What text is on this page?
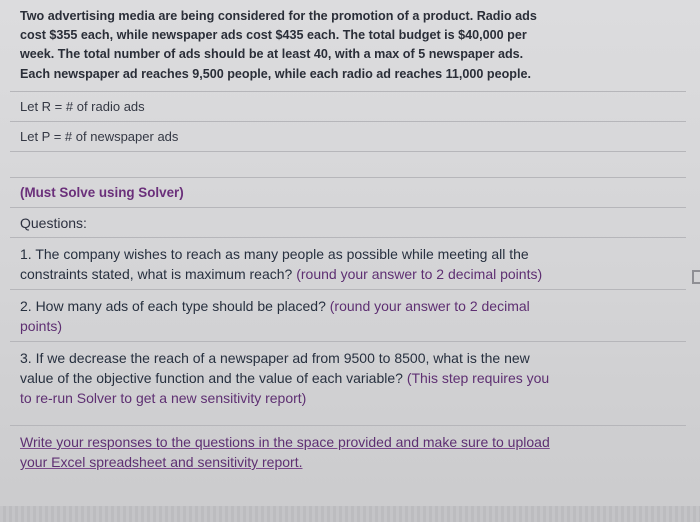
Two advertising media are being considered for the promotion of a product. Radio ads
cost $355 each, while newspaper ads cost $435 each. The total budget is $40,000 per
week. The total number of ads should be at least 40, with a max of 5 newspaper ads.
Each newspaper ad reaches 9,500 people, while each radio ad reaches 11,000 people.

Let R = # of radio ads

Let P = # of newspaper ads

(Must Solve using Solver)

Questions:

1. The company wishes to reach as many people as possible while meeting all the
constraints stated, what is maximum reach? (round your answer to 2 decimal points)

2. How many ads of each type should be placed? (round your answer to 2 decimal
points)

3. If we decrease the reach of a newspaper ad from 9500 to 8500, what is the new
value of the objective function and the value of each variable? (This step requires you
to re-run Solver to get a new sensitivity report)

Write your responses to the questions in the space provided and make sure to upload
your Excel spreadsheet and sensitivity report.
